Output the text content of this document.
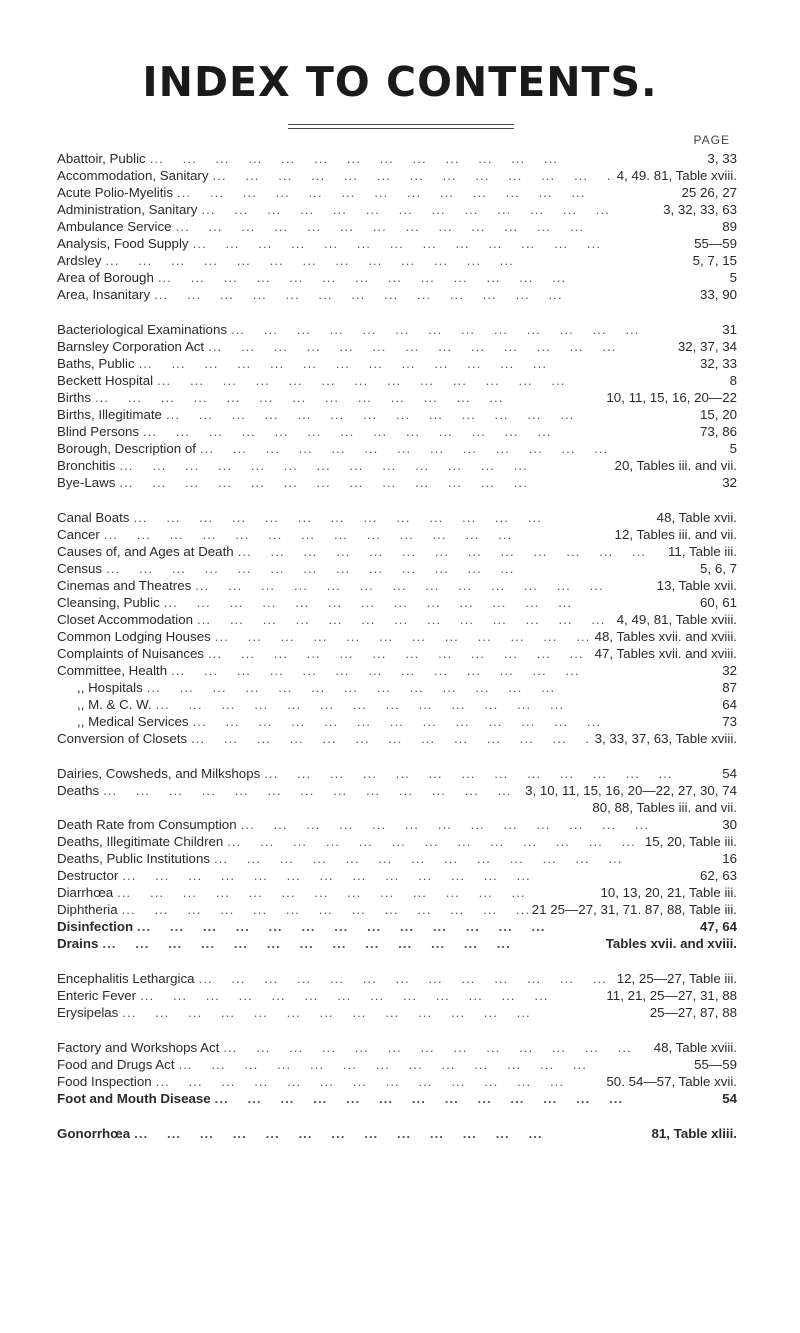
INDEX TO CONTENTS.
PAGE
Abattoir, Public ...	3, 33
Accommodation, Sanitary ...	4, 49. 81, Table xviii.
Acute Polio-Myelitis ...	25 26, 27
Administration, Sanitary ...	3, 32, 33, 63
Ambulance Service ...	89
Analysis, Food Supply ...	55—59
Ardsley ...	5, 7, 15
Area of Borough ...	5
Area, Insanitary ...	33, 90
Bacteriological Examinations ...	31
Barnsley Corporation Act ...	32, 37, 34
Baths, Public ...	32, 33
Beckett Hospital ...	8
Births ...	10, 11, 15, 16, 20—22
Births, Illegitimate ...	15, 20
Blind Persons ...	73, 86
Borough, Description of ...	5
Bronchitis ...	20, Tables iii. and vii.
Bye-Laws ...	32
Canal Boats ...	48, Table xvii.
Cancer ...	12, Tables iii. and vii.
Causes of, and Ages at Death ...	11, Table iii.
Census ...	5, 6, 7
Cinemas and Theatres ...	13, Table xvii.
Cleansing, Public ...	60, 61
Closet Accommodation ...	4, 49, 81, Table xviii.
Common Lodging Houses ...	48, Tables xvii. and xviii.
Complaints of Nuisances ...	47, Tables xvii. and xviii.
Committee, Health ...	32
,, Hospitals ...	87
,, M. & C. W. ...	64
,, Medical Services ...	73
Conversion of Closets ...	3, 33, 37, 63, Table xviii.
Dairies, Cowsheds, and Milkshops ...	54
Deaths ...	3, 10, 11, 15, 16, 20—22, 27, 30, 74
80, 88, Tables iii. and vii.
Death Rate from Consumption ...	30
Deaths, Illegitimate Children ...	15, 20, Table iii.
Deaths, Public Institutions ...	16
Destructor ...	62, 63
Diarrhœa ...	10, 13, 20, 21, Table iii.
Diphtheria ...	21 25—27, 31, 71. 87, 88, Table iii.
Disinfection ...	47, 64
Drains ...	Tables xvii. and xviii.
Encephalitis Lethargica ...	12, 25—27, Table iii.
Enteric Fever ...	11, 21, 25—27, 31, 88
Erysipelas ...	25—27, 87, 88
Factory and Workshops Act ...	48, Table xviii.
Food and Drugs Act ...	55—59
Food Inspection ...	50. 54—57, Table xvii.
Foot and Mouth Disease ...	54
Gonorrhœa ...	81, Table xliii.
